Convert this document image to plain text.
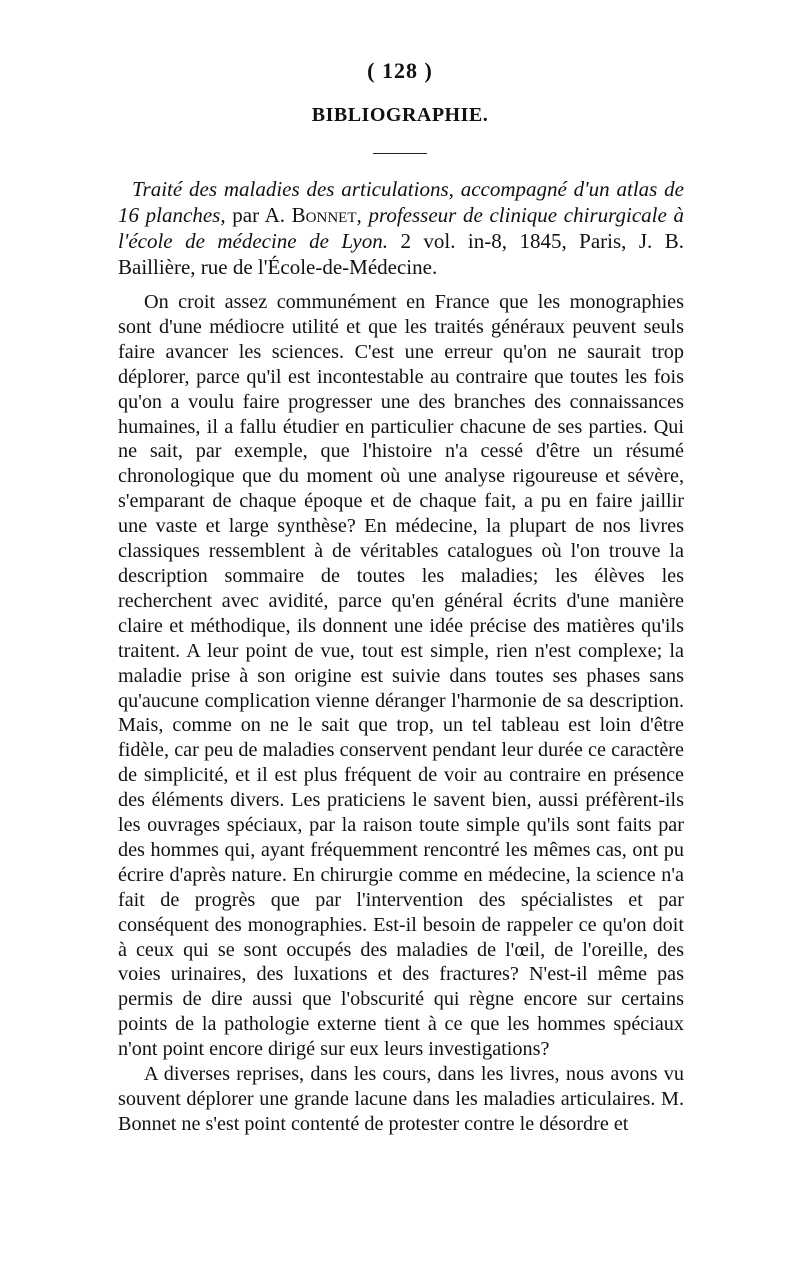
( 128 )
BIBLIOGRAPHIE.
Traité des maladies des articulations, accompagné d'un atlas de 16 planches, par A. Bonnet, professeur de clinique chirurgicale à l'école de médecine de Lyon. 2 vol. in-8, 1845, Paris, J. B. Baillière, rue de l'École-de-Médecine.

On croit assez communément en France que les monographies sont d'une médiocre utilité et que les traités généraux peuvent seuls faire avancer les sciences. C'est une erreur qu'on ne saurait trop déplorer, parce qu'il est incontestable au contraire que toutes les fois qu'on a voulu faire progresser une des branches des connaissances humaines, il a fallu étudier en particulier chacune de ses parties. Qui ne sait, par exemple, que l'histoire n'a cessé d'être un résumé chronologique que du moment où une analyse rigoureuse et sévère, s'emparant de chaque époque et de chaque fait, a pu en faire jaillir une vaste et large synthèse? En médecine, la plupart de nos livres classiques ressemblent à de véritables catalogues où l'on trouve la description sommaire de toutes les maladies; les élèves les recherchent avec avidité, parce qu'en général écrits d'une manière claire et méthodique, ils donnent une idée précise des matières qu'ils traitent. A leur point de vue, tout est simple, rien n'est complexe; la maladie prise à son origine est suivie dans toutes ses phases sans qu'aucune complication vienne déranger l'harmonie de sa description. Mais, comme on ne le sait que trop, un tel tableau est loin d'être fidèle, car peu de maladies conservent pendant leur durée ce caractère de simplicité, et il est plus fréquent de voir au contraire en présence des éléments divers. Les praticiens le savent bien, aussi préfèrent-ils les ouvrages spéciaux, par la raison toute simple qu'ils sont faits par des hommes qui, ayant fréquemment rencontré les mêmes cas, ont pu écrire d'après nature. En chirurgie comme en médecine, la science n'a fait de progrès que par l'intervention des spécialistes et par conséquent des monographies. Est-il besoin de rappeler ce qu'on doit à ceux qui se sont occupés des maladies de l'œil, de l'oreille, des voies urinaires, des luxations et des fractures? N'est-il même pas permis de dire aussi que l'obscurité qui règne encore sur certains points de la pathologie externe tient à ce que les hommes spéciaux n'ont point encore dirigé sur eux leurs investigations?

A diverses reprises, dans les cours, dans les livres, nous avons vu souvent déplorer une grande lacune dans les maladies articulaires. M. Bonnet ne s'est point contenté de protester contre le désordre et
